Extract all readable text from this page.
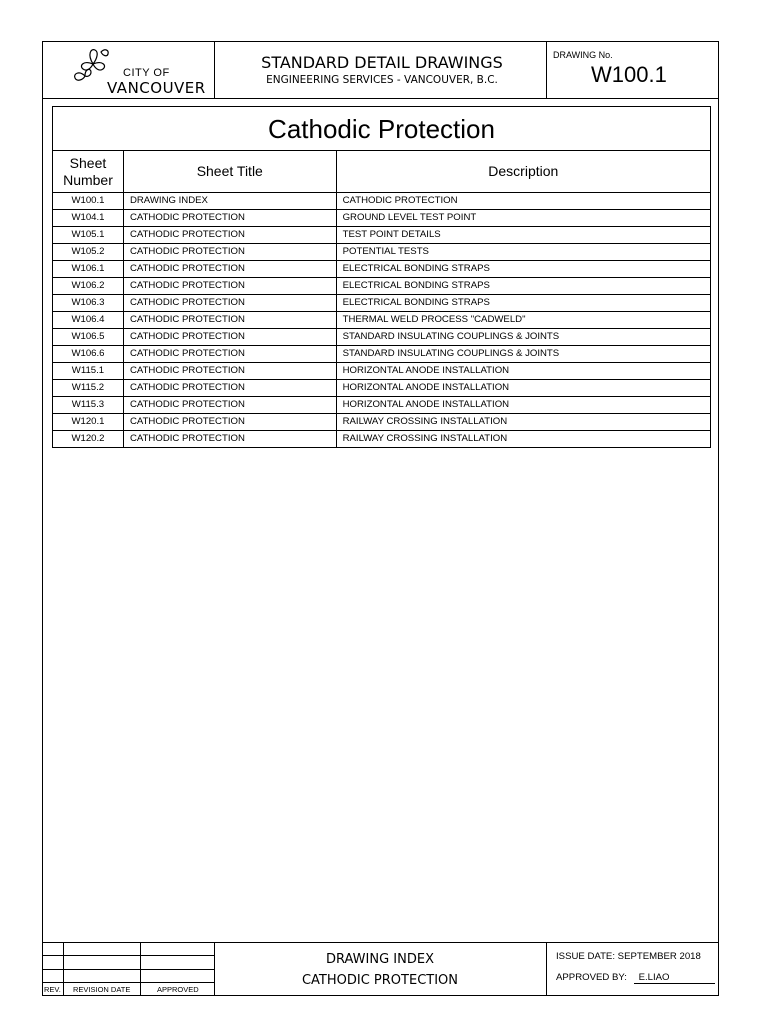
CITY OF
VANCOUVER
STANDARD DETAIL DRAWINGS
ENGINEERING SERVICES - VANCOUVER, B.C.
DRAWING No.
W100.1
Cathodic Protection		
Sheet
Number	Sheet Title	Description
W100.1	DRAWING INDEX	CATHODIC PROTECTION
W104.1	CATHODIC PROTECTION	GROUND LEVEL TEST POINT
W105.1	CATHODIC PROTECTION	TEST POINT DETAILS
W105.2	CATHODIC PROTECTION	POTENTIAL TESTS
W106.1	CATHODIC PROTECTION	ELECTRICAL BONDING STRAPS
W106.2	CATHODIC PROTECTION	ELECTRICAL BONDING STRAPS
W106.3	CATHODIC PROTECTION	ELECTRICAL BONDING STRAPS
W106.4	CATHODIC PROTECTION	THERMAL WELD PROCESS "CADWELD"
W106.5	CATHODIC PROTECTION	STANDARD INSULATING COUPLINGS & JOINTS
W106.6	CATHODIC PROTECTION	STANDARD INSULATING COUPLINGS & JOINTS
W115.1	CATHODIC PROTECTION	HORIZONTAL ANODE INSTALLATION
W115.2	CATHODIC PROTECTION	HORIZONTAL ANODE INSTALLATION
W115.3	CATHODIC PROTECTION	HORIZONTAL ANODE INSTALLATION
W120.1	CATHODIC PROTECTION	RAILWAY CROSSING INSTALLATION
W120.2	CATHODIC PROTECTION	RAILWAY CROSSING INSTALLATION
REV. REVISION DATE	APPROVED
DRAWING INDEX
CATHODIC PROTECTION
ISSUE DATE: SEPTEMBER 2018
APPROVED BY: E.LIAO
